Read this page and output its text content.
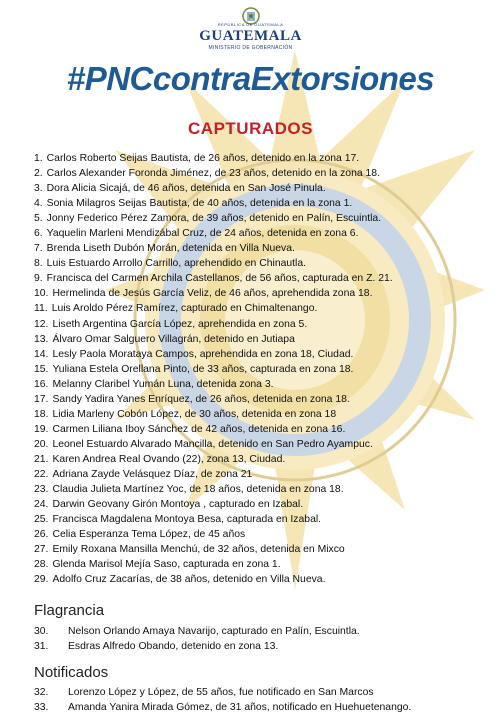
REPÚBLICA DE GUATEMALA
GUATEMALA
MINISTERIO DE GOBERNACIÓN
#PNCcontraExtorsiones
CAPTURADOS
1. Carlos Roberto Seijas Bautista, de 26 años, detenido en la zona 17.
2. Carlos Alexander Foronda Jiménez, de 23 años, detenido en la zona 18.
3. Dora Alicia Sicajá, de 46 años, detenida en San José Pinula.
4. Sonia Milagros Seijas Bautista, de 40 años, detenida en la zona 1.
5. Jonny Federico Pérez Zamora, de 39 años, detenido en Palín, Escuintla.
6. Yaquelin Marleni Mendizábal Cruz, de 24 años, detenida en zona 6.
7. Brenda Liseth Dubón Morán, detenida en Villa Nueva.
8. Luis Estuardo Arrollo Carrillo, aprehendido en Chinautla.
9. Francisca del Carmen Archila Castellanos, de 56 años, capturada en Z. 21.
10. Hermelinda de Jesús García Veliz, de 46 años, aprehendida zona 18.
11. Luis Aroldo Pérez Ramírez, capturado en Chimaltenango.
12. Liseth Argentina García López, aprehendida en zona 5.
13. Álvaro Omar Salguero Villagrán, detenido en Jutiapa
14. Lesly Paola Morataya Campos, aprehendida en zona 18, Ciudad.
15. Yuliana Estela Orellana Pinto, de 33 años, capturada en zona 18.
16. Melanny Claribel Yumán Luna, detenida zona 3.
17. Sandy Yadira Yanes Enríquez, de 26 años, detenida en zona 18.
18. Lidia Marleny Cobón López, de 30 años, detenida en zona 18
19. Carmen Liliana Iboy Sánchez de 42 años, detenida en zona 16.
20. Leonel Estuardo Alvarado Mancilla, detenido en San Pedro Ayampuc.
21. Karen Andrea Real Ovando (22), zona 13, Ciudad.
22. Adriana Zayde Velásquez Díaz, de zona 21
23. Claudia Julieta Martínez Yoc, de 18 años, detenida en zona 18.
24. Darwin Geovany Girón Montoya , capturado en Izabal.
25. Francisca Magdalena Montoya Besa, capturada en Izabal.
26. Celia Esperanza Tema López, de 45 años
27. Emily Roxana Mansilla Menchú, de 32 años, detenida en Mixco
28. Glenda Marisol Mejía Saso, capturada en zona 1.
29. Adolfo Cruz Zacarías, de 38 años, detenido en Villa Nueva.
Flagrancia
30. Nelson Orlando Amaya Navarijo, capturado en Palín, Escuintla.
31. Esdras Alfredo Obando, detenido en zona 13.
Notificados
32. Lorenzo López y López, de 55 años, fue notificado en San Marcos
33. Amanda Yanira Mirada Gómez, de 31 años, notificado en Huehuetenango.
